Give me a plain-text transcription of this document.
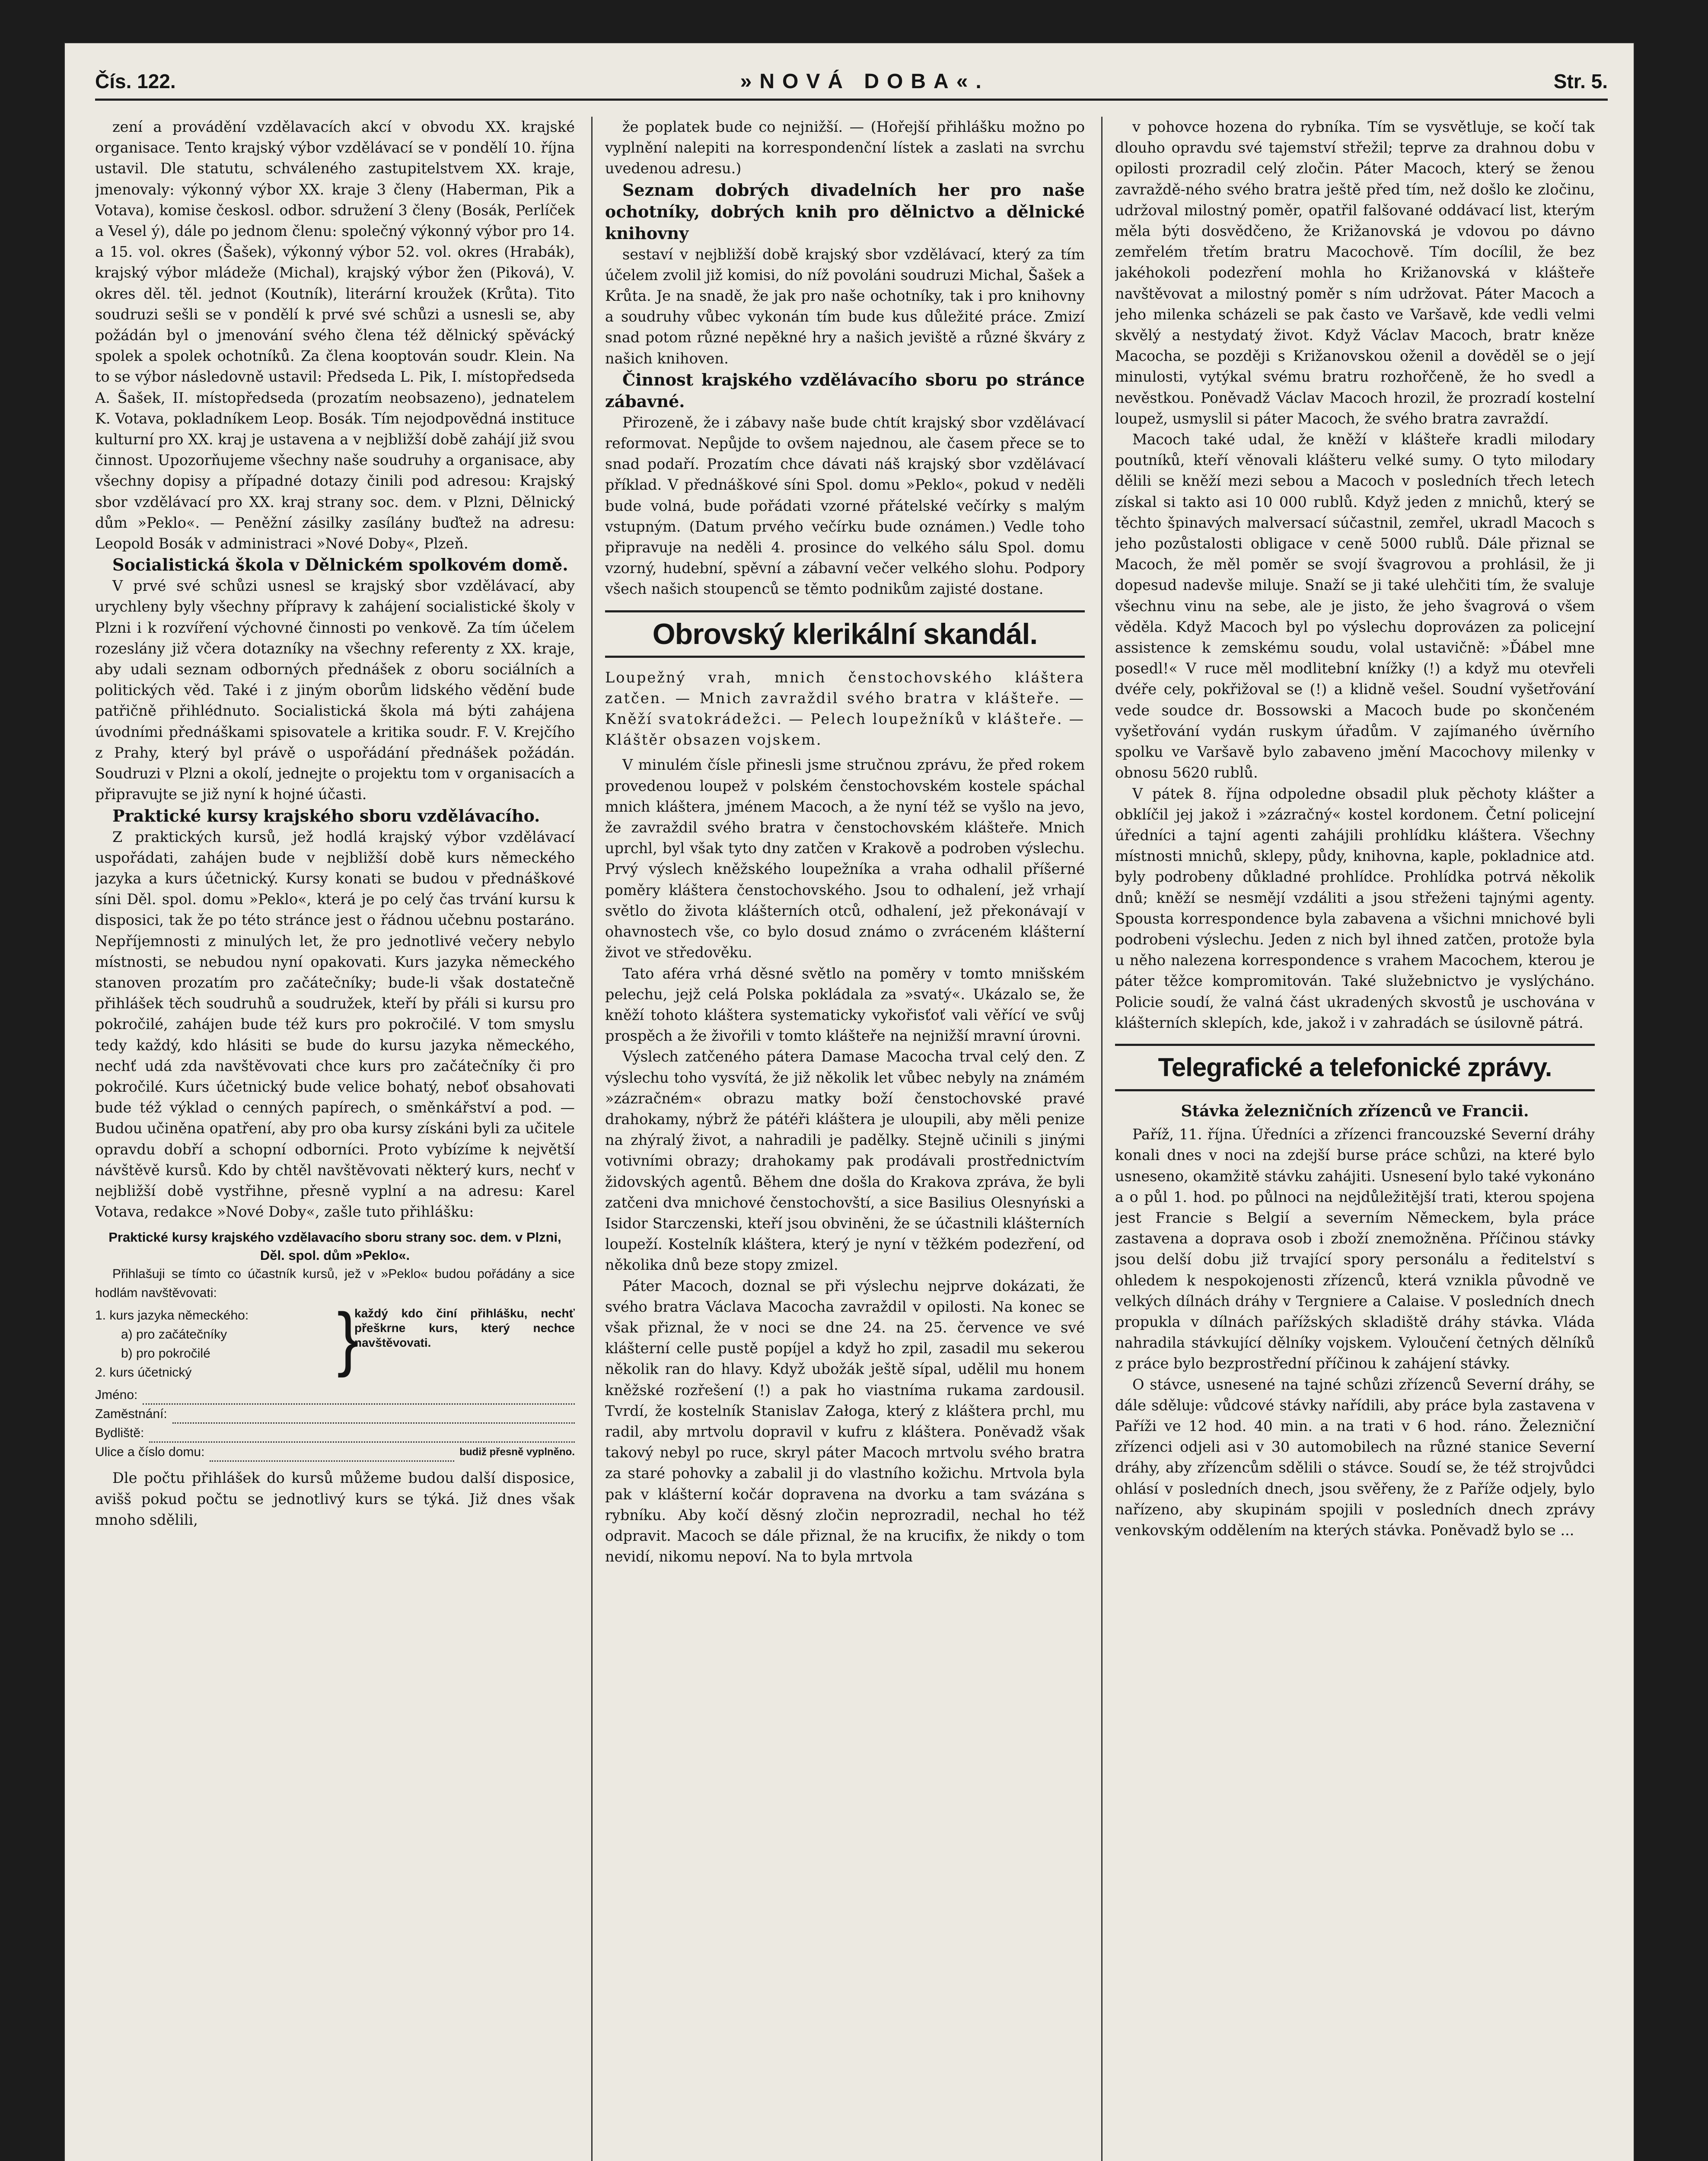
Čís. 122.	»NOVÁ DOBA«.	Str. 5.

zení a provádění vzdělavacích akcí v obvodu XX. krajské organisace. Tento krajský výbor vzdělávací se v pondělí 10. října ustavil. Dle statutu, schváleného zastupitelstvem XX. kraje, jmenovaly: výkonný výbor XX. kraje 3 členy (Haberman, Pik a Votava), komise českosl. odbor. sdružení 3 členy (Bosák, Perlíček a Vesel ý), dále po jednom členu: společný výkonný výbor pro 14. a 15. vol. okres (Šašek), výkonný výbor 52. vol. okres (Hrabák), krajský výbor mládeže (Michal), krajský výbor žen (Piková), V. okres děl. těl. jednot (Koutník), literární kroužek (Krůta). Tito soudruzi sešli se v pondělí k prvé své schůzi a usnesli se, aby požádán byl o jmenování svého člena též dělnický spěvácký spolek a spolek ochotníků. Za člena kooptován soudr. Klein. Na to se výbor následovně ustavil: Předseda L. Pik, I. místopředseda A. Šašek, II. místopředseda (prozatím neobsazeno), jednatelem K. Votava, pokladníkem Leop. Bosák. Tím nejodpovědná instituce kulturní pro XX. kraj je ustavena a v nejbližší době zahájí již svou činnost. Upozorňujeme všechny naše soudruhy a organisace, aby všechny dopisy a případné dotazy činili pod adresou: Krajský sbor vzdělávací pro XX. kraj strany soc. dem. v Plzni, Dělnický dům »Peklo«. — Peněžní zásilky zasílány buďtež na adresu: Leopold Bosák v administraci »Nové Doby«, Plzeň.

Socialistická škola v Dělnickém spolkovém domě.

V prvé své schůzi usnesl se krajský sbor vzdělávací, aby urychleny byly všechny přípravy k zahájení socialistické školy v Plzni i k rozvíření výchovné činnosti po venkově. Za tím účelem rozeslány již včera dotazníky na všechny referenty z XX. kraje, aby udali seznam odborných přednášek z oboru sociálních a politických věd. Také i z jiným oborům lidského vědění bude patřičně přihlédnuto. Socialistická škola má býti zahájena úvodními přednáškami spisovatele a kritika soudr. F. V. Krejčího z Prahy, který byl právě o uspořádání přednášek požádán. Soudruzi v Plzni a okolí, jednejte o projektu tom v organisacích a připravujte se již nyní k hojné účasti.

Praktické kursy krajského sboru vzdělávacího.

Z praktických kursů, jež hodlá krajský výbor vzdělávací uspořádati, zahájen bude v nejbližší době kurs německého jazyka a kurs účetnický. Kursy konati se budou v přednáškové síni Děl. spol. domu »Peklo«, která je po celý čas trvání kursu k disposici, tak že po této stránce jest o řádnou učebnu postaráno. Nepříjemnosti z minulých let, že pro jednotlivé večery nebylo místnosti, se nebudou nyní opakovati. Kurs jazyka německého stanoven prozatím pro začátečníky; bude-li však dostatečně přihlášek těch soudruhů a soudružek, kteří by přáli si kursu pro pokročilé, zahájen bude též kurs pro pokročilé. V tom smyslu tedy každý, kdo hlásiti se bude do kursu jazyka německého, nechť udá zda navštěvovati chce kurs pro začátečníky či pro pokročilé. Kurs účetnický bude velice bohatý, neboť obsahovati bude též výklad o cenných papírech, o směnkářství a pod. — Budou učiněna opatření, aby pro oba kursy získáni byli za učitele opravdu dobří a schopní odborníci. Proto vybízíme k největší návštěvě kursů. Kdo by chtěl navštěvovati některý kurs, nechť v nejbližší době vystřihne, přesně vyplní a na adresu: Karel Votava, redakce »Nové Doby«, zašle tuto přihlášku:

Praktické kursy krajského vzdělavacího sboru strany soc. dem. v Plzni, Děl. spol. dům »Peklo«.

Přihlašuji se tímto co účastník kursů, jež v »Peklo« budou pořádány a sice hodlám navštěvovati:

1. kurs jazyka německého:
a) pro začátečníky
b) pro pokročilé
2. kurs účetnický	}
každý kdo činí přihlášku, nechť přeškrne kurs, který nechce navštěvovati.
Jméno:
Zaměstnání:
Bydliště:
Ulice a číslo domu:	budiž přesně vyplněno.

Dle počtu přihlášek do kursů můžeme budou další disposice, avišš pokud počtu se jednotlivý kurs se týká. Již dnes však mnoho sdělili,

že poplatek bude co nejnižší. — (Hořejší přihlášku možno po vyplnění nalepiti na korrespondenční lístek a zaslati na svrchu uvedenou adresu.)

Seznam dobrých divadelních her pro naše ochotníky, dobrých knih pro dělnictvo a dělnické knihovny

sestaví v nejbližší době krajský sbor vzdělávací, který za tím účelem zvolil již komisi, do níž povoláni soudruzi Michal, Šašek a Krůta. Je na snadě, že jak pro naše ochotníky, tak i pro knihovny a soudruhy vůbec vykonán tím bude kus důležité práce. Zmizí snad potom různé nepěkné hry a našich jeviště a různé škváry z našich knihoven.

Činnost krajského vzdělávacího sboru po stránce zábavné.

Přirozeně, že i zábavy naše bude chtít krajský sbor vzdělávací reformovat. Nepůjde to ovšem najednou, ale časem přece se to snad podaří. Prozatím chce dávati náš krajský sbor vzdělávací příklad. V přednáškové síni Spol. domu »Peklo«, pokud v neděli bude volná, bude pořádati vzorné přátelské večírky s malým vstupným. (Datum prvého večírku bude oznámen.) Vedle toho připravuje na neděli 4. prosince do velkého sálu Spol. domu vzorný, hudební, spěvní a zábavní večer velkého slohu. Podpory všech našich stoupenců se těmto podnikům zajisté dostane.

Obrovský klerikální skandál.

Loupežný vrah, mnich čenstochovského kláštera zatčen. — Mnich zavraždil svého bratra v klášteře. — Kněží svatokrádežci. — Pelech loupežníků v klášteře. — Kláštěr obsazen vojskem.

V minulém čísle přinesli jsme stručnou zprávu, že před rokem provedenou loupež v polském čenstochovském kostele spáchal mnich kláštera, jménem Macoch, a že nyní též se vyšlo na jevo, že zavraždil svého bratra v čenstochovském klášteře. Mnich uprchl, byl však tyto dny zatčen v Krakově a podroben výslechu. Prvý výslech kněžského loupežníka a vraha odhalil příšerné poměry kláštera čenstochovského. Jsou to odhalení, jež vrhají světlo do života klášterních otců, odhalení, jež překonávají v ohavnostech vše, co bylo dosud známo o zvráceném klášterní život ve středověku.

Tato aféra vrhá děsné světlo na poměry v tomto mnišském pelechu, jejž celá Polska pokládala za »svatý«. Ukázalo se, že kněží tohoto kláštera systematicky vykořisťoť vali věřící ve svůj prospěch a že živořili v tomto klášteře na nejnižší mravní úrovni.

Výslech zatčeného pátera Damase Macocha trval celý den. Z výslechu toho vysvítá, že již několik let vůbec nebyly na známém »zázračném« obrazu matky boží čenstochovské pravé drahokamy, nýbrž že pátéři kláštera je uloupili, aby měli penize na zhýralý život, a nahradili je padělky. Stejně učinili s jinými votivními obrazy; drahokamy pak prodávali prostřednictvím židovských agentů. Během dne došla do Krakova zpráva, že byli zatčeni dva mnichové čenstochovští, a sice Basilius Olesnyński a Isidor Starczenski, kteří jsou obviněni, že se účastnili klášterních loupeží. Kostelník kláštera, který je nyní v těžkém podezření, od několika dnů beze stopy zmizel.

Páter Macoch, doznal se při výslechu nejprve dokázati, že svého bratra Václava Macocha zavraždil v opilosti. Na konec se však přiznal, že v noci se dne 24. na 25. července ve své klášterní celle pustě popíjel a když ho zpil, zasadil mu sekerou několik ran do hlavy. Když ubožák ještě sípal, udělil mu honem kněžské rozřešení (!) a pak ho viastníma rukama zardousil. Tvrdí, že kostelník Stanislav Załoga, který z kláštera prchl, mu radil, aby mrtvolu dopravil v kufru z kláštera. Poněvadž však takový nebyl po ruce, skryl páter Macoch mrtvolu svého bratra za staré pohovky a zabalil ji do vlastního kožichu. Mrtvola byla pak v klášterní kočár dopravena na dvorku a tam svázána s rybníku. Aby kočí děsný zločin neprozradil, nechal ho též odpravit. Macoch se dále přiznal, že na krucifix, že nikdy o tom nevidí, nikomu nepoví. Na to byla mrtvola

v pohovce hozena do rybníka. Tím se vysvětluje, se kočí tak dlouho opravdu své tajemství střežil; teprve za drahnou dobu v opilosti prozradil celý zločin. Páter Macoch, který se ženou zavraždě-ného svého bratra ještě před tím, než došlo ke zločinu, udržoval milostný poměr, opatřil falšované oddávací list, kterým měla býti dosvědčeno, že Križanovská je vdovou po dávno zemřelém třetím bratru Macochově. Tím docílil, že bez jakéhokoli podezření mohla ho Križanovská v klášteře navštěvovat a milostný poměr s ním udržovat. Páter Macoch a jeho milenka scházeli se pak často ve Varšavě, kde vedli velmi skvělý a nestydatý život. Když Václav Macoch, bratr kněze Macocha, se později s Križanovskou oženil a dověděl se o její minulosti, vytýkal svému bratru rozhořčeně, že ho svedl a nevěstkou. Poněvadž Václav Macoch hrozil, že prozradí kostelní loupež, usmyslil si páter Macoch, že svého bratra zavraždí.

Macoch také udal, že kněží v klášteře kradli milodary poutníků, kteří věnovali klášteru velké sumy. O tyto milodary dělili se kněží mezi sebou a Macoch v posledních třech letech získal si takto asi 10 000 rublů. Když jeden z mnichů, který se těchto špinavých malversací súčastnil, zemřel, ukradl Macoch s jeho pozůstalosti obligace v ceně 5000 rublů. Dále přiznal se Macoch, že měl poměr se svojí švagrovou a prohlásil, že ji dopesud nadevše miluje. Snaží se ji také ulehčiti tím, že svaluje všechnu vinu na sebe, ale je jisto, že jeho švagrová o všem věděla. Když Macoch byl po výslechu doprovázen za policejní assistence k zemskému soudu, volal ustavičně: »Ďábel mne posedl!« V ruce měl modlitební knížky (!) a když mu otevřeli dvéře cely, pokřižoval se (!) a klidně vešel. Soudní vyšetřování vede soudce dr. Bossowski a Macoch bude po skončeném vyšetřování vydán ruskym úřadům. V zajímaného úvěrního spolku ve Varšavě bylo zabaveno jmění Macochovy milenky v obnosu 5620 rublů.

V pátek 8. října odpoledne obsadil pluk pěchoty klášter a obklíčil jej jakož i »zázračný« kostel kordonem. Četní policejní úředníci a tajní agenti zahájili prohlídku kláštera. Všechny místnosti mnichů, sklepy, půdy, knihovna, kaple, pokladnice atd. byly podrobeny důkladné prohlídce. Prohlídka potrvá několik dnů; kněží se nesmějí vzdáliti a jsou střeženi tajnými agenty. Spousta korrespondence byla zabavena a všichni mnichové byli podrobeni výslechu. Jeden z nich byl ihned zatčen, protože byla u něho nalezena korrespondence s vrahem Macochem, kterou je páter těžce kompromitován. Také služebnictvo je vyslýcháno. Policie soudí, že valná část ukradených skvostů je uschována v klášterních sklepích, kde, jakož i v zahradách se úsilovně pátrá.

Telegrafické a telefonické zprávy.

Stávka železničních zřízenců ve Francii.

Paříž, 11. října. Úředníci a zřízenci francouzské Severní dráhy konali dnes v noci na zdejší burse práce schůzi, na které bylo usneseno, okamžitě stávku zahájiti. Usnesení bylo také vykonáno a o půl 1. hod. po půlnoci na nejdůležitější trati, kterou spojena jest Francie s Belgií a severním Německem, byla práce zastavena a doprava osob i zboží znemožněna. Příčinou stávky jsou delší dobu již trvající spory personálu a ředitelství s ohledem k nespokojenosti zřízenců, která vznikla původně ve velkých dílnách dráhy v Tergniere a Calaise. V posledních dnech propukla v dílnách pařížských skladiště dráhy stávka. Vláda nahradila stávkující dělníky vojskem. Vyloučení četných dělníků z práce bylo bezprostřední příčinou k zahájení stávky.

O stávce, usnesené na tajné schůzi zřízenců Severní dráhy, se dále sděluje: vůdcové stávky nařídili, aby práce byla zastavena v Paříži ve 12 hod. 40 min. a na trati v 6 hod. ráno. Železniční zřízenci odjeli asi v 30 automobilech na různé stanice Severní dráhy, aby zřízencům sdělili o stávce. Soudí se, že též strojvůdci ohlásí v posledních dnech, jsou svěřeny, že z Paříže odjely, bylo nařízeno, aby skupinám spojili v posledních dnech zprávy venkovským oddělením na kterých stávka. Poněvadž bylo se ...
